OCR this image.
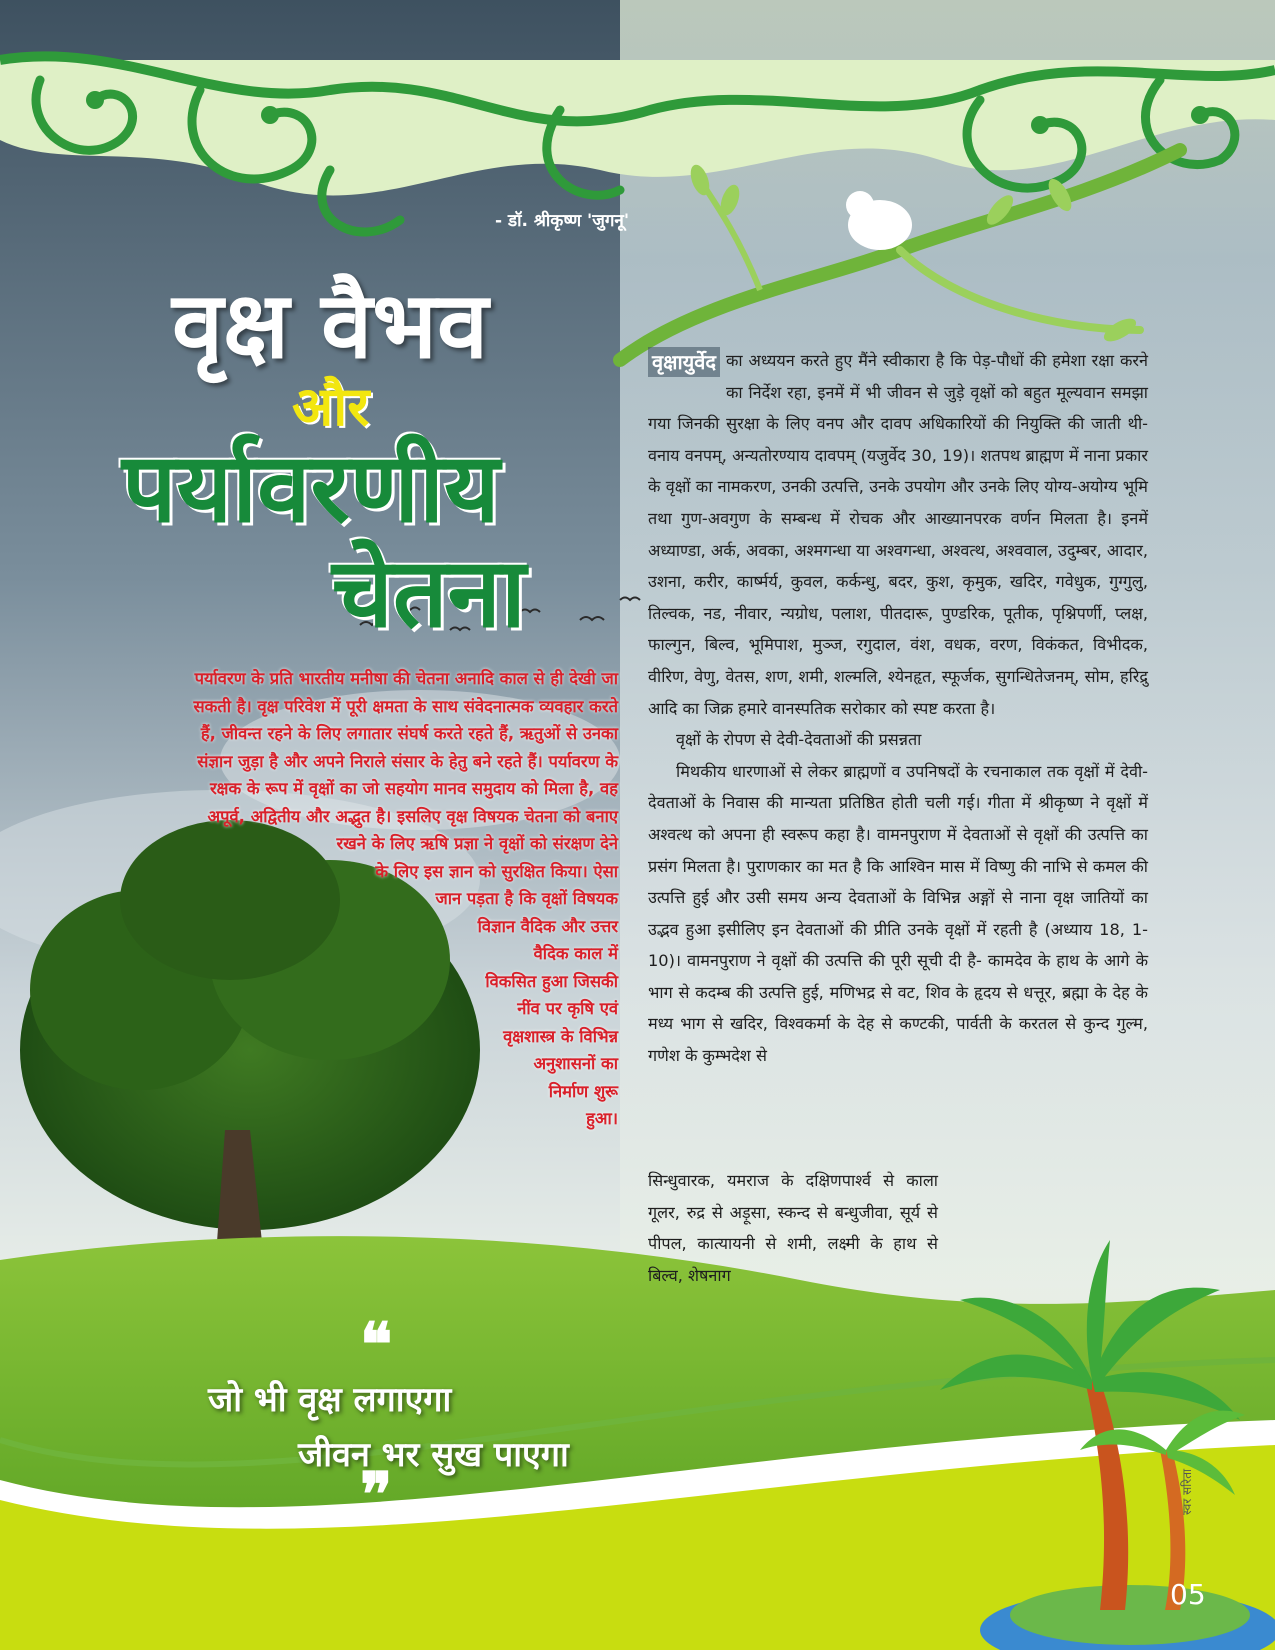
- डॉ. श्रीकृष्ण 'जुगनू'
वृक्ष वैभव
और
पर्यावरणीय
चेतना
पर्यावरण के प्रति भारतीय मनीषा की चेतना अनादि काल से ही देखी जा
सकती है। वृक्ष परिवेश में पूरी क्षमता के साथ संवेदनात्मक व्यवहार करते
हैं, जीवन्त रहने के लिए लगातार संघर्ष करते रहते हैं, ऋतुओं से उनका
संज्ञान जुड़ा है और अपने निराले संसार के हेतु बने रहते हैं। पर्यावरण के
रक्षक के रूप में वृक्षों का जो सहयोग मानव समुदाय को मिला है, वह
अपूर्व, अद्वितीय और अद्भुत है। इसलिए वृक्ष विषयक चेतना को बनाए
रखने के लिए ऋषि प्रज्ञा ने वृक्षों को संरक्षण देने
के लिए इस ज्ञान को सुरक्षित किया। ऐसा
जान पड़ता है कि वृक्षों विषयक
विज्ञान वैदिक और उत्तर
वैदिक काल में
विकसित हुआ जिसकी
नींव पर कृषि एवं
वृक्षशास्त्र के विभिन्न
अनुशासनों का
निर्माण शुरू
हुआ।

वृक्षायुर्वेद का अध्ययन करते हुए मैंने स्वीकारा है कि पेड़-पौधों की हमेशा रक्षा करने का निर्देश रहा, इनमें में भी जीवन से जुड़े वृक्षों को बहुत मूल्यवान समझा गया जिनकी सुरक्षा के लिए वनप और दावप अधिकारियों की नियुक्ति की जाती थी- वनाय वनपम्, अन्यतोरण्याय दावपम् (यजुर्वेद 30, 19)। शतपथ ब्राह्मण में नाना प्रकार के वृक्षों का नामकरण, उनकी उत्पत्ति, उनके उपयोग और उनके लिए योग्य-अयोग्य भूमि तथा गुण-अवगुण के सम्बन्ध में रोचक और आख्यानपरक वर्णन मिलता है। इनमें अध्याण्डा, अर्क, अवका, अश्मगन्धा या अश्वगन्धा, अश्वत्थ, अश्ववाल, उदुम्बर, आदार, उशना, करीर, कार्ष्मर्य, कुवल, कर्कन्धु, बदर, कुश, कृमुक, खदिर, गवेधुक, गुग्गुलु, तिल्वक, नड, नीवार, न्यग्रोध, पलाश, पीतदारू, पुण्डरिक, पूतीक, पृश्निपर्णी, प्लक्ष, फाल्गुन, बिल्व, भूमिपाश, मुञ्ज, रगुदाल, वंश, वधक, वरण, विकंकत, विभीदक, वीरिण, वेणु, वेतस, शण, शमी, शल्मलि, श्येनहृत, स्फूर्जक, सुगन्धितेजनम्, सोम, हरिद्रु आदि का जिक्र हमारे वानस्पतिक सरोकार को स्पष्ट करता है।

वृक्षों के रोपण से देवी-देवताओं की प्रसन्नता

मिथकीय धारणाओं से लेकर ब्राह्मणों व उपनिषदों के रचनाकाल तक वृक्षों में देवी-देवताओं के निवास की मान्यता प्रतिष्ठित होती चली गई। गीता में श्रीकृष्ण ने वृक्षों में अश्वत्थ को अपना ही स्वरूप कहा है। वामनपुराण में देवताओं से वृक्षों की उत्पत्ति का प्रसंग मिलता है। पुराणकार का मत है कि आश्विन मास में विष्णु की नाभि से कमल की उत्पत्ति हुई और उसी समय अन्य देवताओं के विभिन्न अङ्गों से नाना वृक्ष जातियों का उद्भव हुआ इसीलिए इन देवताओं की प्रीति उनके वृक्षों में रहती है (अध्याय 18, 1-10)। वामनपुराण ने वृक्षों की उत्पत्ति की पूरी सूची दी है- कामदेव के हाथ के आगे के भाग से कदम्ब की उत्पत्ति हुई, मणिभद्र से वट, शिव के हृदय से धत्तूर, ब्रह्मा के देह के मध्य भाग से खदिर, विश्वकर्मा के देह से कण्टकी, पार्वती के करतल से कुन्द गुल्म, गणेश के कुम्भदेश से

सिन्धुवारक, यमराज के दक्षिणपार्श्व से काला गूलर, रुद्र से अड़ूसा, स्कन्द से बन्धुजीवा, सूर्य से पीपल, कात्यायनी से शमी, लक्ष्मी के हाथ से बिल्व, शेषनाग

❝
जो भी वृक्ष लगाएगा
जीवन भर सुख पाएगा
❞	स्वर सरिता
05
